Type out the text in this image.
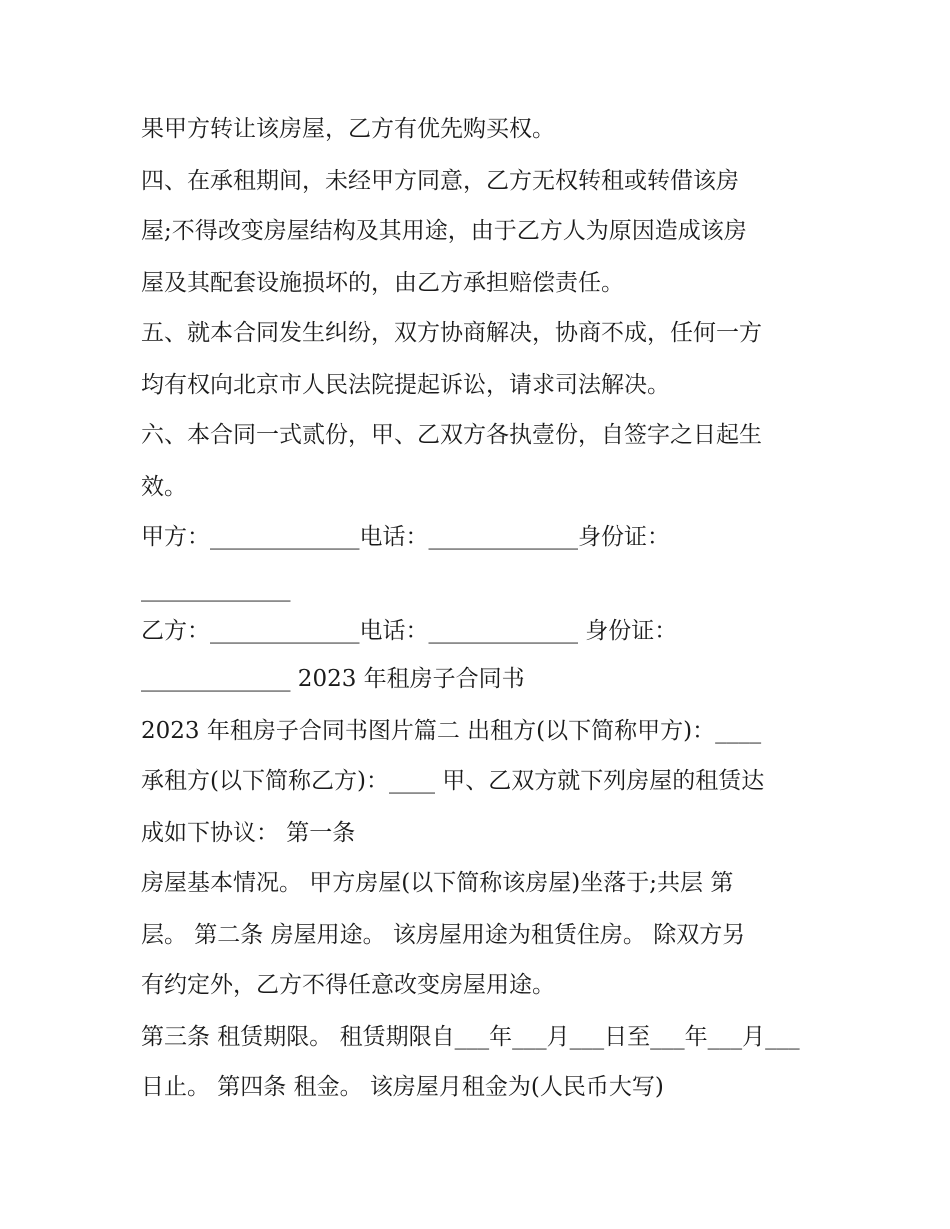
果甲方转让该房屋，乙方有优先购买权。
四、在承租期间，未经甲方同意，乙方无权转租或转借该房
屋;不得改变房屋结构及其用途，由于乙方人为原因造成该房
屋及其配套设施损坏的，由乙方承担赔偿责任。
五、就本合同发生纠纷，双方协商解决，协商不成，任何一方
均有权向北京市人民法院提起诉讼，请求司法解决。
六、本合同一式贰份，甲、乙双方各执壹份，自签字之日起生
效。
甲方：_____________电话：_____________身份证：
_____________
乙方：_____________电话：_____________ 身份证：
_____________ 2023 年租房子合同书
2023 年租房子合同书图片篇二 出租方(以下简称甲方)：____
承租方(以下简称乙方)：____ 甲、乙双方就下列房屋的租赁达
成如下协议： 第一条
房屋基本情况。 甲方房屋(以下简称该房屋)坐落于;共层 第
层。 第二条 房屋用途。 该房屋用途为租赁住房。 除双方另
有约定外，乙方不得任意改变房屋用途。
第三条 租赁期限。 租赁期限自___年___月___日至___年___月___
日止。 第四条 租金。 该房屋月租金为(人民币大写)
